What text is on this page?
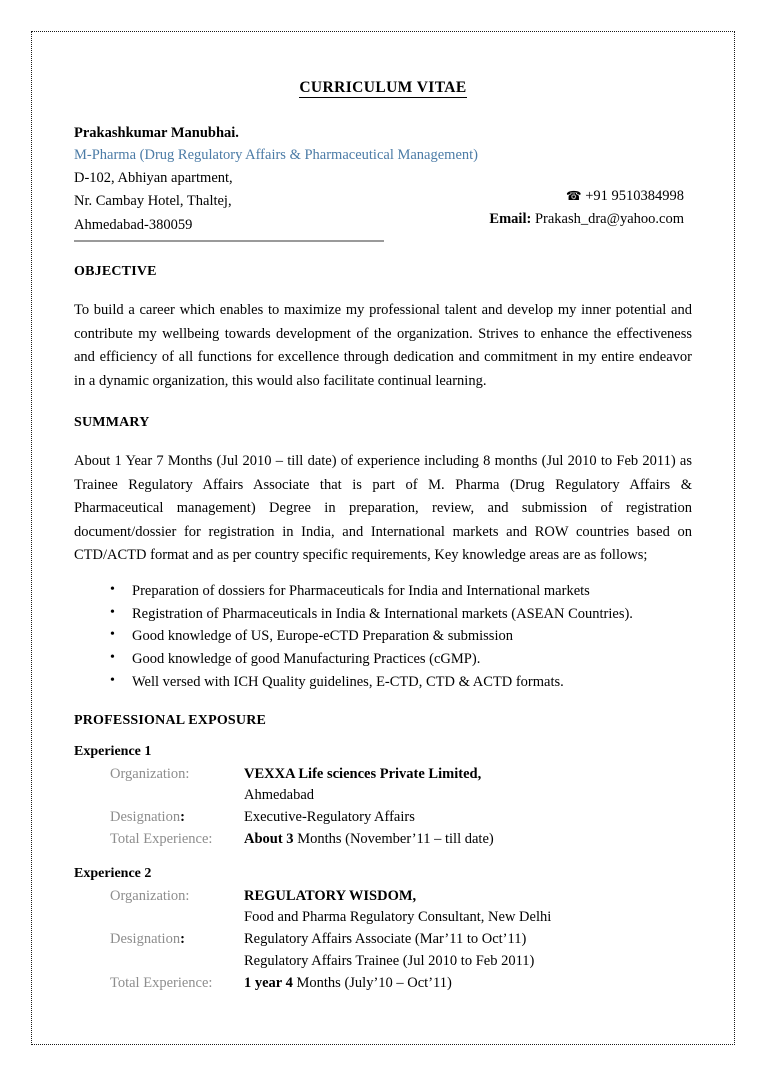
CURRICULUM VITAE
Prakashkumar Manubhai.
M-Pharma (Drug Regulatory Affairs & Pharmaceutical Management)
D-102, Abhiyan apartment,
Nr. Cambay Hotel, Thaltej,
Ahmedabad-380059
☎ +91 9510384998
Email: Prakash_dra@yahoo.com
OBJECTIVE
To build a career which enables to maximize my professional talent and develop my inner potential and contribute my wellbeing towards development of the organization. Strives to enhance the effectiveness and efficiency of all functions for excellence through dedication and commitment in my entire endeavor in a dynamic organization, this would also facilitate continual learning.
SUMMARY
About 1 Year 7 Months (Jul 2010 – till date) of experience including 8 months (Jul 2010 to Feb 2011) as Trainee Regulatory Affairs Associate that is part of M. Pharma (Drug Regulatory Affairs & Pharmaceutical management) Degree in preparation, review, and submission of registration document/dossier for registration in India, and International markets and ROW countries based on CTD/ACTD format and as per country specific requirements, Key knowledge areas are as follows;
• Preparation of dossiers for Pharmaceuticals for India and International markets
• Registration of Pharmaceuticals in India & International markets (ASEAN Countries).
• Good knowledge of US, Europe-eCTD Preparation & submission
• Good knowledge of good Manufacturing Practices (cGMP).
• Well versed with ICH Quality guidelines, E-CTD, CTD & ACTD formats.
PROFESSIONAL EXPOSURE
Experience 1
Organization:	VEXXA Life sciences Private Limited,
	Ahmedabad
Designation:	Executive-Regulatory Affairs
Total Experience:	About 3 Months (November’11 – till date)
Experience 2
Organization:	REGULATORY WISDOM,
	Food and Pharma Regulatory Consultant, New Delhi
Designation:	Regulatory Affairs Associate (Mar’11 to Oct’11)
	Regulatory Affairs Trainee (Jul 2010 to Feb 2011)
Total Experience:	1 year 4 Months (July’10 – Oct’11)
